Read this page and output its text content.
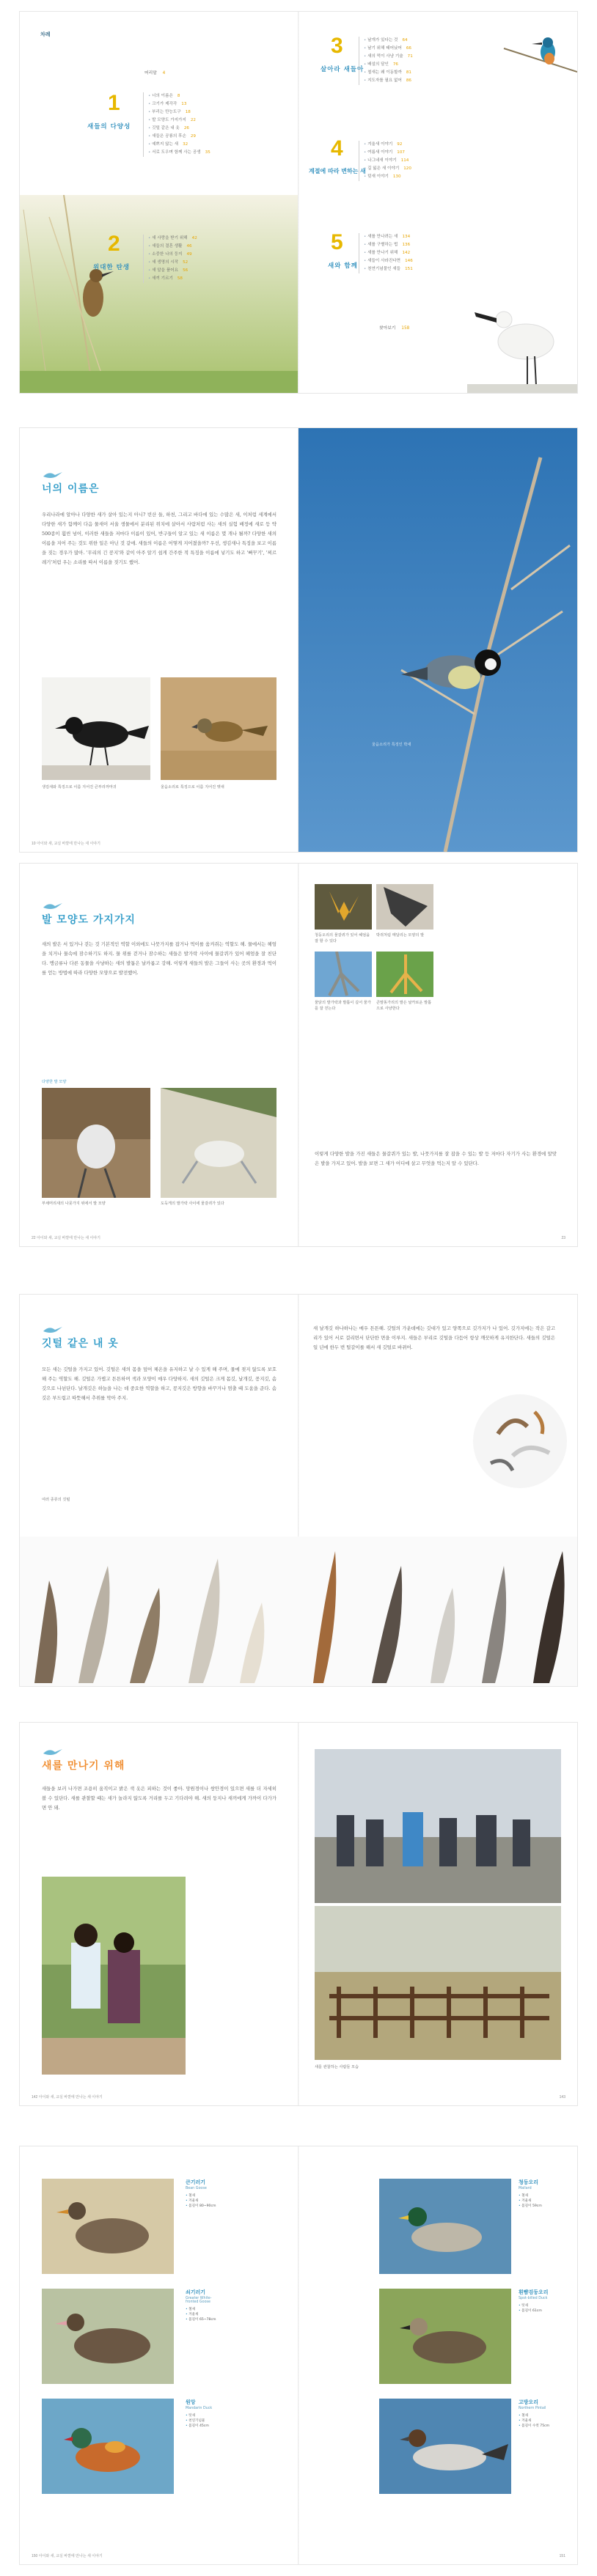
차례
머리말 4
1
새들의 다양성
• 너의 이름은 8
• 크기가 제각각 13
• 부리는 만능도구 18
• 발 모양도 가지가지 22
• 깃털 같은 내 옷 26
• 새들은 공룡의 후손 29
• 예쁘지 않는 새 32
• 서로 도우며 함께 사는 공생 35
2
위대한 탄생
• 새 사랑을 받기 위해 42
• 새들의 결혼 생활 46
• 소중한 나의 둥지 49
• 새 생명의 시작 52
• 새 알을 품어요 56
• 새끼 기르기 58
3
살아라 새들아
• 날개가 있다는 것 64
• 날기 위해 태어났어 66
• 새의 먹이 사냥 기술 71
• 배설의 달인 76
• 철새는 왜 이동할까 81
• 지도자를 필요 없어 86
4
계절에 따라 변하는 새
• 겨울새 이야기 92
• 여름새 이야기 107
• 나그네새 이야기 114
• 길 잃은 새 이야기 120
• 텃새 이야기 130
5
새와 함께
• 새를 만나려는 새 134
• 새를 구별하는 법 136
• 새를 만나기 위해 142
• 새들이 사라진다면 146
• 천연기념물인 새들 151
찾아보기 158
너의 이름은

우리나라에 알아나 다양한 새가 살아 있는지 아니? 빈산 들, 하천, 그리고 바다에 있는 수많은 새, 이처럼 세계에서 다양한 새가 함께이 다음 물새이 서울 생물에서 분리된 위치에 살아서 사람처럼 사는 새의 실험 배정에 새로 등 약 500종이 훨씬 넘어, 이러한 새들을 저마다 이름이 있어, 반구들이 알고 있는 새 이름은 몇 개나 될까? 다양한 새의 이름을 지어 주는 것도 위한 일은 아닌 것 같애. 새들의 이름은 어떻게 지어졌을까? 우선, 생김새나 특징을 보고 이름을 짓는 경우가 많아. '무리의 긴 꽁지'와 같이 아주 알기 쉽게 간주한 적 특징을 이름에 넣기도 하고 '뻐꾸기', '찌르레기'처럼 우는 소리를 따서 이름을 짓기도 했어.

생김새와 특징으로 이름 지어진 큰부리까마귀	울음소리로 특징으로 이름 지어진 멧새
10 아이와 새, 교실 바깥에 만나는 새 이야기
울음소리가 특징인 박새
발 모양도 가지가지

새의 발은 서 있거나 걷는 것 기본적인 역할 이외에도 나뭇가지를 잡거나 먹이를 움켜쥐는 역할도 해. 물에서는 헤엄을 치거나 물속에 잠수하기도 하지. 물 위를 걷거나 잠수하는 새들은 발가락 사이에 물갈퀴가 있어 헤엄을 잘 친단다. 맹금류나 다른 동물을 사냥하는 새의 발톱은 날카롭고 강해. 이렇게 새들의 발은 그들이 사는 곳의 환경과 먹이를 얻는 방법에 따라 다양한 모양으로 발전했어.

다양한 발 모양
부채머리새의 나뭇가지 위에서 발 모양	도둑게의 발가락 사이에 물갈퀴가 있다
22 아이와 새, 교실 바깥에 만나는 새 이야기
청둥오리의 물갈퀴가 있어 헤엄을 잘 할 수 있다
박쥐처럼 매달리는 모양의 발
물닭의 발가락과 발톱이 길어 물가를 잘 걷는다
큰말똥가리의 발은 날카로운 발톱으로 사냥한다

이렇게 다양한 발을 가진 새들은 물갈퀴가 있는 발, 나뭇가지를 잘 잡을 수 있는 발 등 저마다 자기가 사는 환경에 알맞은 발을 가지고 있어. 발을 보면 그 새가 어디에 살고 무엇을 먹는지 알 수 있단다.

23
깃털 같은 내 옷

모든 새는 깃털을 가지고 있어. 깃털은 새의 몸을 덮어 체온을 유지하고 날 수 있게 해 주며, 물에 젖지 않도록 보호해 주는 역할도 해. 깃털은 가볍고 튼튼하며 색과 모양이 매우 다양하지. 새의 깃털은 크게 몸깃, 날개깃, 꽁지깃, 솜깃으로 나뉜단다. 날개깃은 하늘을 나는 데 중요한 역할을 하고, 꽁지깃은 방향을 바꾸거나 멈출 때 도움을 준다. 솜깃은 부드럽고 따뜻해서 추위를 막아 주지.

여러 종류의 깃털

새 날개깃 하나하나는 매우 튼튼해. 깃털의 가운데에는 깃대가 있고 양쪽으로 깃가지가 나 있어. 깃가지에는 작은 갈고리가 있어 서로 걸리면서 단단한 면을 이루지. 새들은 부리로 깃털을 다듬어 항상 깨끗하게 유지한단다. 새들의 깃털은 일 년에 한두 번 털갈이를 해서 새 깃털로 바뀌어.

새를 만나기 위해

새들을 보러 나가면 조용히 움직이고 밝은 색 옷은 피하는 것이 좋아. 망원경이나 쌍안경이 있으면 새를 더 자세히 볼 수 있단다. 새를 관찰할 때는 새가 놀라지 않도록 거리를 두고 기다려야 해. 새의 둥지나 새끼에게 가까이 다가가면 안 돼.

142 아이와 새, 교실 바깥에 만나는 새 이야기
새를 관찰하는 사람들 모습
143
큰기러기
Bean Goose
• 철새
• 겨울새
• 몸길이 80~90cm
쇠기러기
Greater White-fronted Goose
• 철새
• 겨울새
• 몸길이 65~78cm
원앙
Mandarin Duck
• 텃새
• 천연기념물
• 몸길이 45cm
150 아이와 새, 교실 바깥에 만나는 새 이야기
청둥오리
Mallard
• 철새
• 겨울새
• 몸길이 59cm
흰뺨검둥오리
Spot-billed Duck
• 텃새
• 몸길이 61cm
고방오리
Northern Pintail
• 철새
• 겨울새
• 몸길이 수컷 75cm
151
